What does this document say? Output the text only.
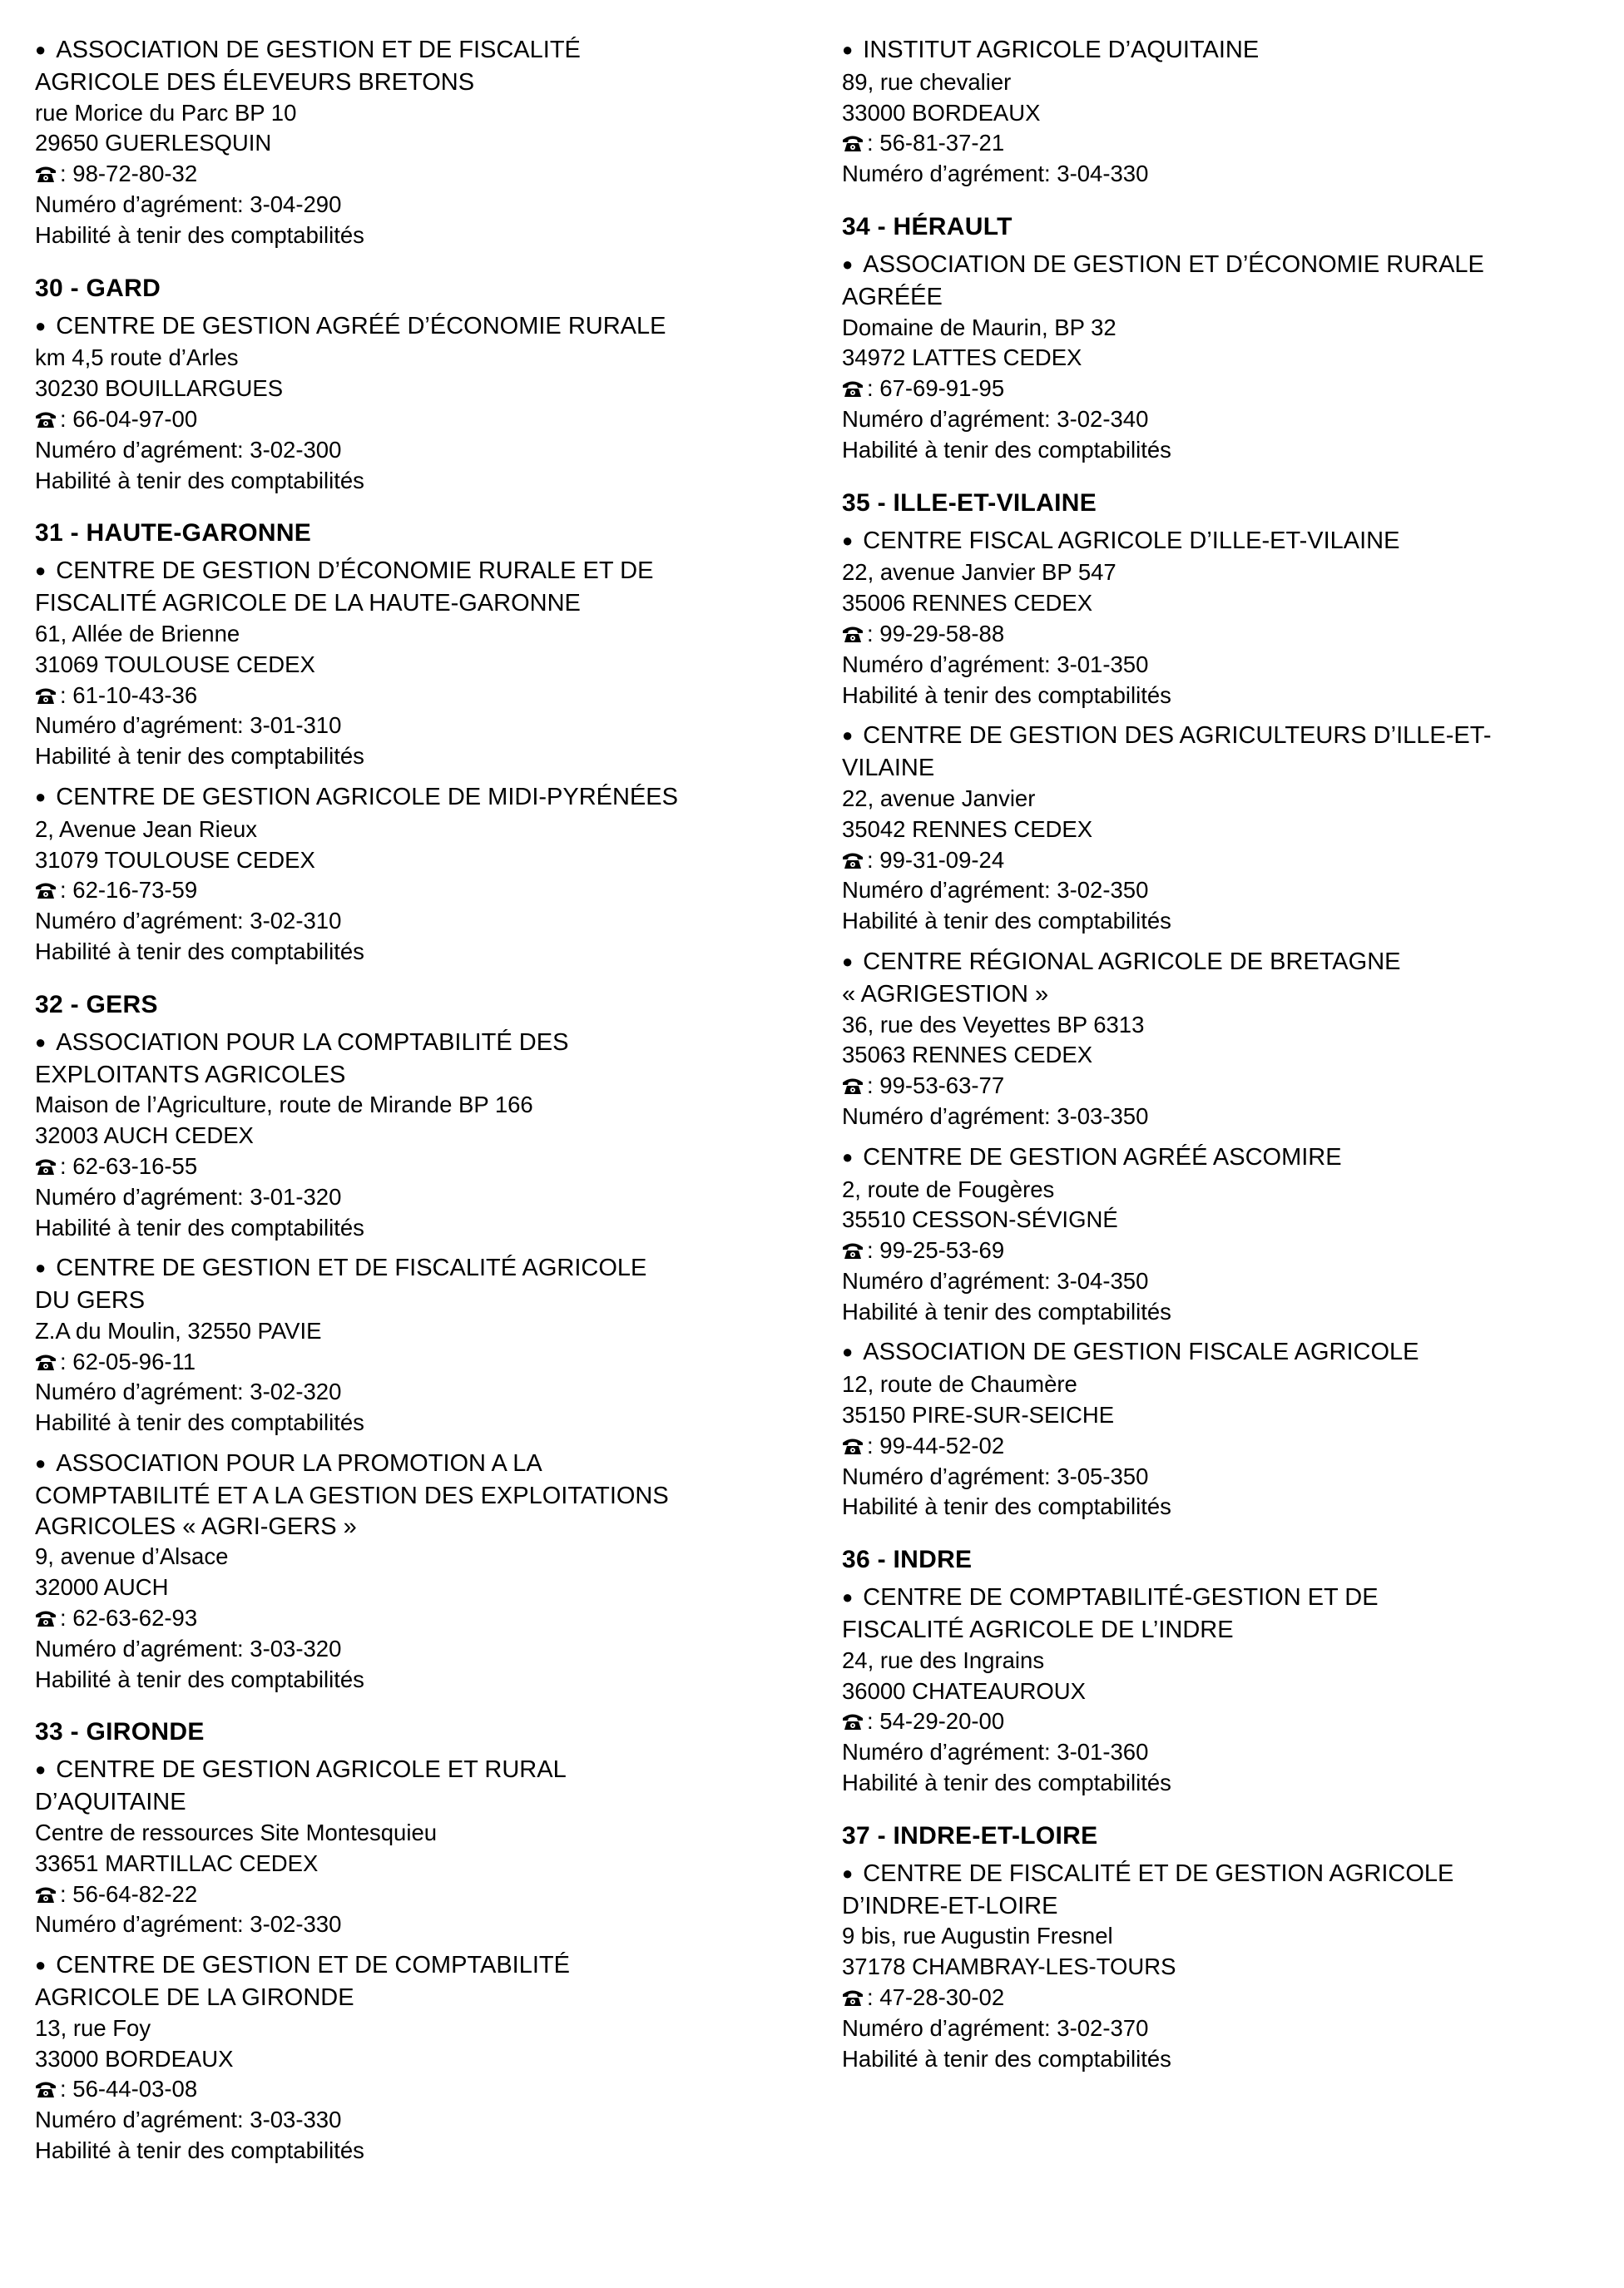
● ASSOCIATION DE GESTION ET DE FISCALITÉ
AGRICOLE DES ÉLEVEURS BRETONS
rue Morice du Parc BP 10
29650 GUERLESQUIN
: 98-72-80-32
Numéro d’agrément: 3-04-290
Habilité à tenir des comptabilités
30 - GARD
● CENTRE DE GESTION AGRÉÉ D’ÉCONOMIE RURALE
km 4,5 route d’Arles
30230 BOUILLARGUES
: 66-04-97-00
Numéro d’agrément: 3-02-300
Habilité à tenir des comptabilités
31 - HAUTE-GARONNE
● CENTRE DE GESTION D’ÉCONOMIE RURALE ET DE
FISCALITÉ AGRICOLE DE LA HAUTE-GARONNE
61, Allée de Brienne
31069 TOULOUSE CEDEX
: 61-10-43-36
Numéro d’agrément: 3-01-310
Habilité à tenir des comptabilités
● CENTRE DE GESTION AGRICOLE DE MIDI-PYRÉNÉES
2, Avenue Jean Rieux
31079 TOULOUSE CEDEX
: 62-16-73-59
Numéro d’agrément: 3-02-310
Habilité à tenir des comptabilités
32 - GERS
● ASSOCIATION POUR LA COMPTABILITÉ DES
EXPLOITANTS AGRICOLES
Maison de l’Agriculture, route de Mirande BP 166
32003 AUCH CEDEX
: 62-63-16-55
Numéro d’agrément: 3-01-320
Habilité à tenir des comptabilités
● CENTRE DE GESTION ET DE FISCALITÉ AGRICOLE
DU GERS
Z.A du Moulin, 32550 PAVIE
: 62-05-96-11
Numéro d’agrément: 3-02-320
Habilité à tenir des comptabilités
● ASSOCIATION POUR LA PROMOTION A LA
COMPTABILITÉ ET A LA GESTION DES EXPLOITATIONS
AGRICOLES « AGRI-GERS »
9, avenue d’Alsace
32000 AUCH
: 62-63-62-93
Numéro d’agrément: 3-03-320
Habilité à tenir des comptabilités
33 - GIRONDE
● CENTRE DE GESTION AGRICOLE ET RURAL
D’AQUITAINE
Centre de ressources Site Montesquieu
33651 MARTILLAC CEDEX
: 56-64-82-22
Numéro d’agrément: 3-02-330
● CENTRE DE GESTION ET DE COMPTABILITÉ
AGRICOLE DE LA GIRONDE
13, rue Foy
33000 BORDEAUX
: 56-44-03-08
Numéro d’agrément: 3-03-330
Habilité à tenir des comptabilités
● INSTITUT AGRICOLE D’AQUITAINE
89, rue chevalier
33000 BORDEAUX
: 56-81-37-21
Numéro d’agrément: 3-04-330
34 - HÉRAULT
● ASSOCIATION DE GESTION ET D’ÉCONOMIE RURALE
AGRÉÉE
Domaine de Maurin, BP 32
34972 LATTES CEDEX
: 67-69-91-95
Numéro d’agrément: 3-02-340
Habilité à tenir des comptabilités
35 - ILLE-ET-VILAINE
● CENTRE FISCAL AGRICOLE D’ILLE-ET-VILAINE
22, avenue Janvier BP 547
35006 RENNES CEDEX
: 99-29-58-88
Numéro d’agrément: 3-01-350
Habilité à tenir des comptabilités
● CENTRE DE GESTION DES AGRICULTEURS D’ILLE-ET-
VILAINE
22, avenue Janvier
35042 RENNES CEDEX
: 99-31-09-24
Numéro d’agrément: 3-02-350
Habilité à tenir des comptabilités
● CENTRE RÉGIONAL AGRICOLE DE BRETAGNE
« AGRIGESTION »
36, rue des Veyettes BP 6313
35063 RENNES CEDEX
: 99-53-63-77
Numéro d’agrément: 3-03-350
● CENTRE DE GESTION AGRÉÉ ASCOMIRE
2, route de Fougères
35510 CESSON-SÉVIGNÉ
: 99-25-53-69
Numéro d’agrément: 3-04-350
Habilité à tenir des comptabilités
● ASSOCIATION DE GESTION FISCALE AGRICOLE
12, route de Chaumère
35150 PIRE-SUR-SEICHE
: 99-44-52-02
Numéro d’agrément: 3-05-350
Habilité à tenir des comptabilités
36 - INDRE
● CENTRE DE COMPTABILITÉ-GESTION ET DE
FISCALITÉ AGRICOLE DE L’INDRE
24, rue des Ingrains
36000 CHATEAUROUX
: 54-29-20-00
Numéro d’agrément: 3-01-360
Habilité à tenir des comptabilités
37 - INDRE-ET-LOIRE
● CENTRE DE FISCALITÉ ET DE GESTION AGRICOLE
D’INDRE-ET-LOIRE
9 bis, rue Augustin Fresnel
37178 CHAMBRAY-LES-TOURS
: 47-28-30-02
Numéro d’agrément: 3-02-370
Habilité à tenir des comptabilités
